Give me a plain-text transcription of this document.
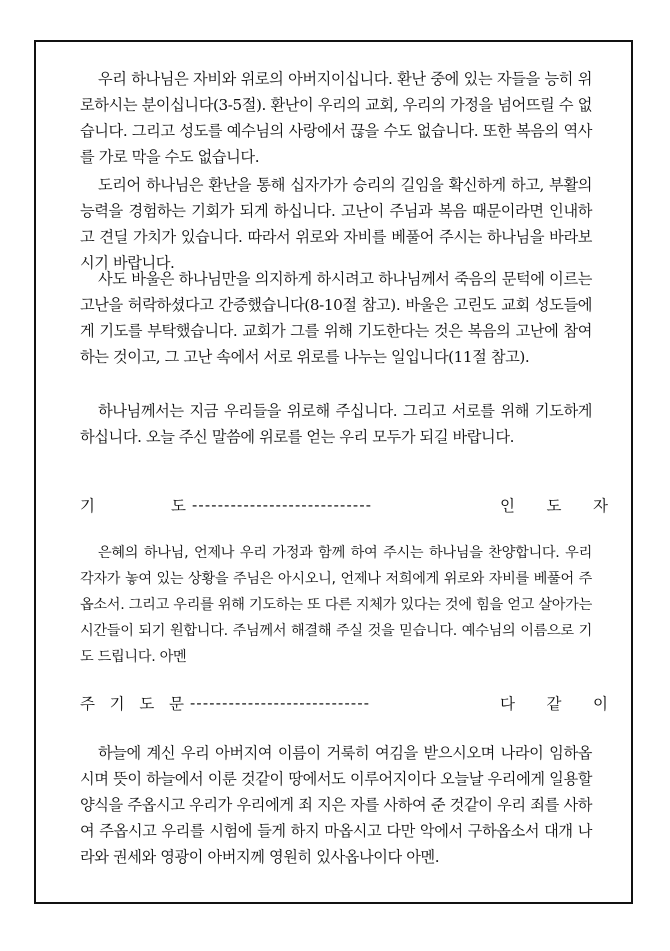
우리 하나님은 자비와 위로의 아버지이십니다. 환난 중에 있는 자들을 능히 위로하시는 분이십니다(3-5절). 환난이 우리의 교회, 우리의 가정을 넘어뜨릴 수 없습니다. 그리고 성도를 예수님의 사랑에서 끊을 수도 없습니다. 또한 복음의 역사를 가로 막을 수도 없습니다.

도리어 하나님은 환난을 통해 십자가가 승리의 길임을 확신하게 하고, 부활의 능력을 경험하는 기회가 되게 하십니다. 고난이 주님과 복음 때문이라면 인내하고 견딜 가치가 있습니다. 따라서 위로와 자비를 베풀어 주시는 하나님을 바라보시기 바랍니다.

사도 바울은 하나님만을 의지하게 하시려고 하나님께서 죽음의 문턱에 이르는 고난을 허락하셨다고 간증했습니다(8-10절 참고). 바울은 고린도 교회 성도들에게 기도를 부탁했습니다. 교회가 그를 위해 기도한다는 것은 복음의 고난에 참여하는 것이고, 그 고난 속에서 서로 위로를 나누는 일입니다(11절 참고).

하나님께서는 지금 우리들을 위로해 주십니다. 그리고 서로를 위해 기도하게 하십니다. 오늘 주신 말씀에 위로를 얻는 우리 모두가 되길 바랍니다.

기	도 ----------------------------	인 도 자

은혜의 하나님, 언제나 우리 가정과 함께 하여 주시는 하나님을 찬양합니다. 우리 각자가 놓여 있는 상황을 주님은 아시오니, 언제나 저희에게 위로와 자비를 베풀어 주옵소서. 그리고 우리를 위해 기도하는 또 다른 지체가 있다는 것에 힘을 얻고 살아가는 시간들이 되기 원합니다. 주님께서 해결해 주실 것을 믿습니다. 예수님의 이름으로 기도 드립니다. 아멘

주 기 도 문 ----------------------------	다 같 이

하늘에 계신 우리 아버지여 이름이 거룩히 여김을 받으시오며 나라이 임하옵시며 뜻이 하늘에서 이룬 것같이 땅에서도 이루어지이다 오늘날 우리에게 일용할 양식을 주옵시고 우리가 우리에게 죄 지은 자를 사하여 준 것같이 우리 죄를 사하여 주옵시고 우리를 시험에 들게 하지 마옵시고 다만 악에서 구하옵소서 대개 나라와 권세와 영광이 아버지께 영원히 있사옵나이다 아멘.
